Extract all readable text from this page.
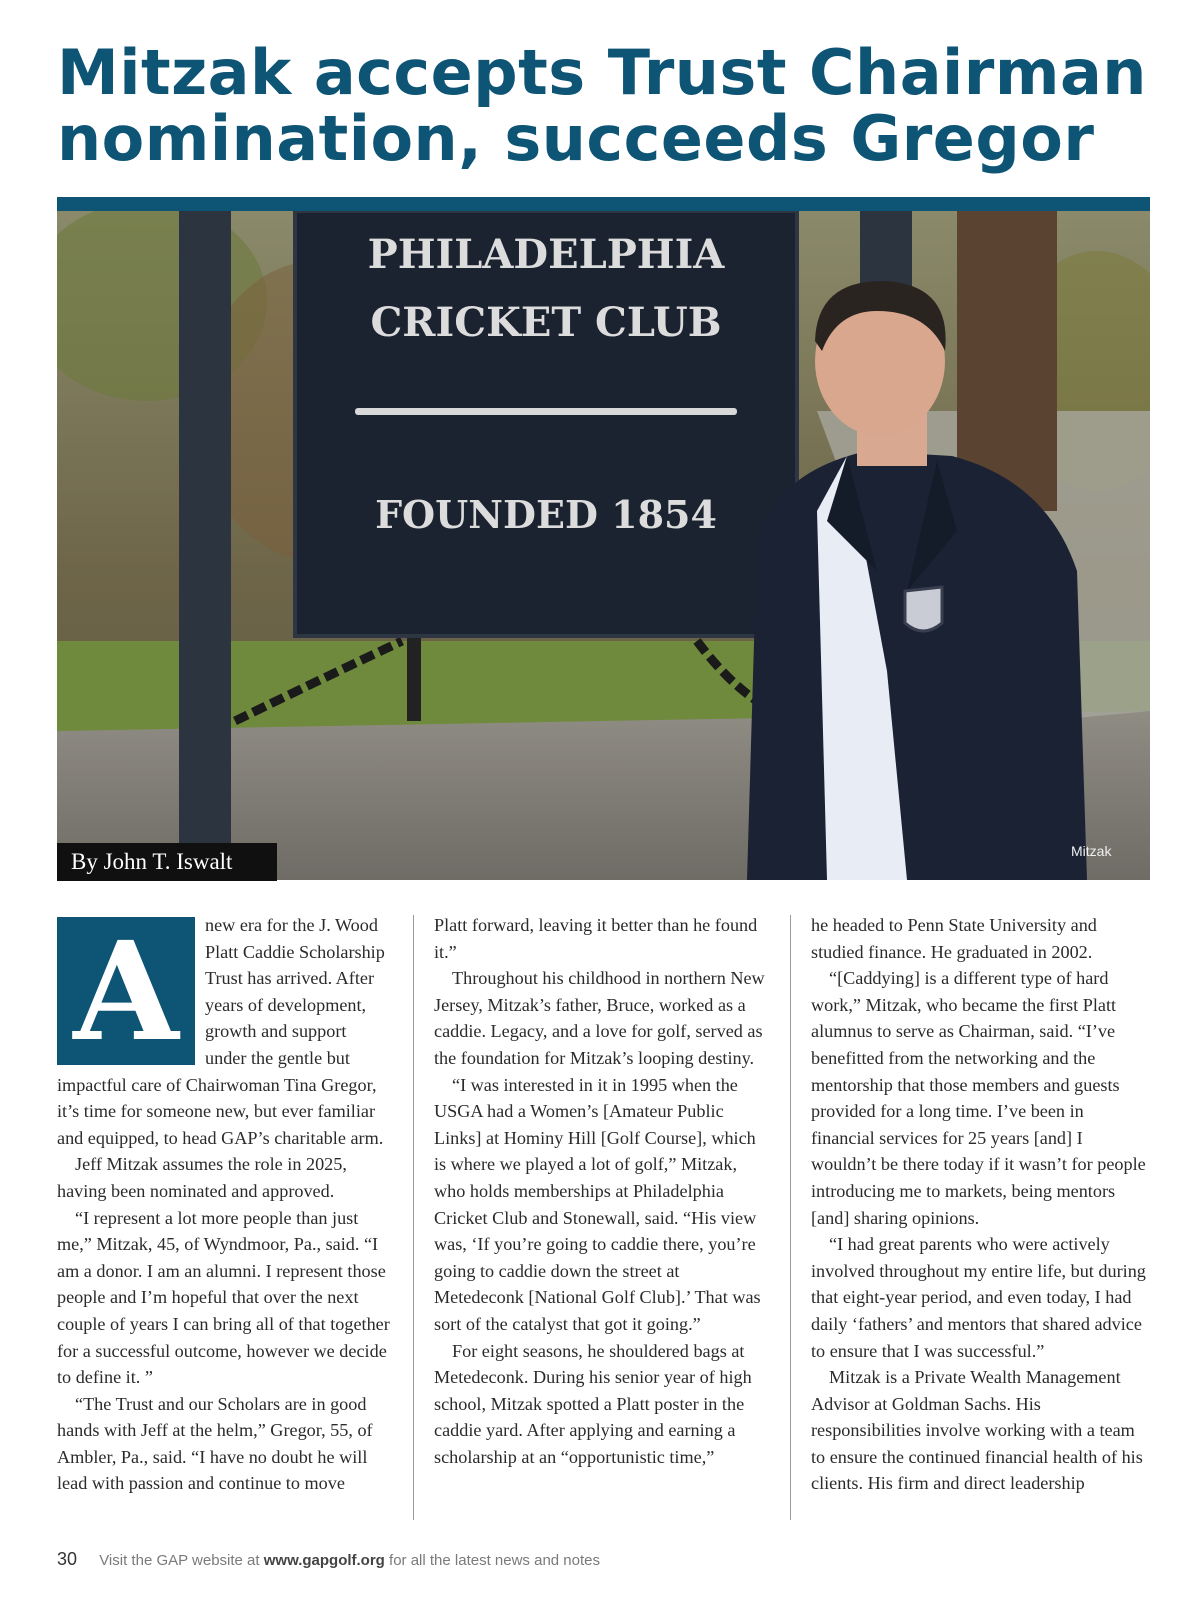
Mitzak accepts Trust Chairman
nomination, succeeds Gregor
PHILADELPHIA
CRICKET CLUB
FOUNDED 1854
By John T. Iswalt	Mitzak
A	new era for the J. Wood Platt Caddie Scholarship Trust has arrived. After years of development, growth and support under the gentle but impactful care of Chairwoman Tina Gregor, it’s time for someone new, but ever familiar and equipped, to head GAP’s charitable arm.

Jeff Mitzak assumes the role in 2025, having been nominated and approved.

“I represent a lot more people than just me,” Mitzak, 45, of Wyndmoor, Pa., said. “I am a donor. I am an alumni. I represent those people and I’m hopeful that over the next couple of years I can bring all of that together for a successful outcome, however we decide to define it. ”

“The Trust and our Scholars are in good hands with Jeff at the helm,” Gregor, 55, of Ambler, Pa., said. “I have no doubt he will lead with passion and continue to move

Platt forward, leaving it better than he found it.”

Throughout his childhood in northern New Jersey, Mitzak’s father, Bruce, worked as a caddie. Legacy, and a love for golf, served as the foundation for Mitzak’s looping destiny.

“I was interested in it in 1995 when the USGA had a Women’s [Amateur Public Links] at Hominy Hill [Golf Course], which is where we played a lot of golf,” Mitzak, who holds memberships at Philadelphia Cricket Club and Stonewall, said. “His view was, ‘If you’re going to caddie there, you’re going to caddie down the street at Metedeconk [National Golf Club].’ That was sort of the catalyst that got it going.”

For eight seasons, he shouldered bags at Metedeconk. During his senior year of high school, Mitzak spotted a Platt poster in the caddie yard. After applying and earning a scholarship at an “opportunistic time,”

he headed to Penn State University and studied finance. He graduated in 2002.

“[Caddying] is a different type of hard work,” Mitzak, who became the first Platt alumnus to serve as Chairman, said. “I’ve benefitted from the networking and the mentorship that those members and guests provided for a long time. I’ve been in financial services for 25 years [and] I wouldn’t be there today if it wasn’t for people introducing me to markets, being mentors [and] sharing opinions.

“I had great parents who were actively involved throughout my entire life, but during that eight-year period, and even today, I had daily ‘fathers’ and mentors that shared advice to ensure that I was successful.”

Mitzak is a Private Wealth Management Advisor at Goldman Sachs. His responsibilities involve working with a team to ensure the continued financial health of his clients. His firm and direct leadership

30 Visit the GAP website at www.gapgolf.org for all the latest news and notes
